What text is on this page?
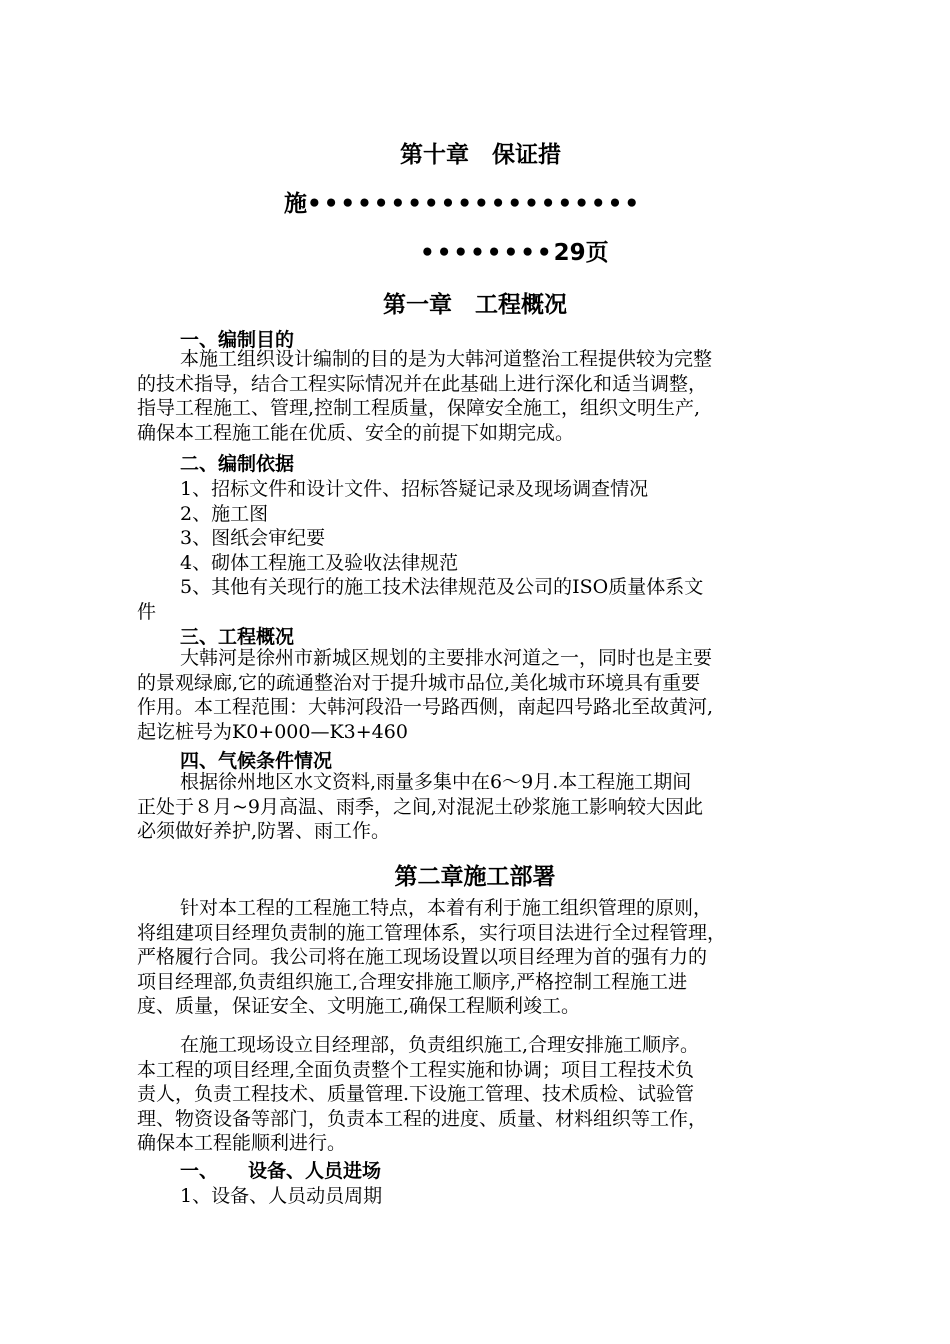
第十章　保证措
施••••••••••••••••••••
••••••••29页
第一章　工程概况
一、编制目的
本施工组织设计编制的目的是为大韩河道整治工程提供较为完整
的技术指导，结合工程实际情况并在此基础上进行深化和适当调整，
指导工程施工、管理,控制工程质量，保障安全施工，组织文明生产,
确保本工程施工能在优质、安全的前提下如期完成。
二、编制依据
1、招标文件和设计文件、招标答疑记录及现场调查情况
2、施工图
3、图纸会审纪要
4、砌体工程施工及验收法律规范
5、其他有关现行的施工技术法律规范及公司的ISO质量体系文
件
三、工程概况
大韩河是徐州市新城区规划的主要排水河道之一，同时也是主要
的景观绿廊,它的疏通整治对于提升城市品位,美化城市环境具有重要
作用。本工程范围：大韩河段沿一号路西侧，南起四号路北至故黄河,
起讫桩号为K0+000—K3+460
四、气候条件情况
根据徐州地区水文资料,雨量多集中在6～9月.本工程施工期间
正处于８月~9月高温、雨季，之间,对混泥土砂浆施工影响较大因此
必须做好养护,防署、雨工作。
第二章施工部署
针对本工程的工程施工特点，本着有利于施工组织管理的原则，
将组建项目经理负责制的施工管理体系，实行项目法进行全过程管理，
严格履行合同。我公司将在施工现场设置以项目经理为首的强有力的
项目经理部,负责组织施工,合理安排施工顺序,严格控制工程施工进
度、质量，保证安全、文明施工,确保工程顺利竣工。
在施工现场设立目经理部，负责组织施工,合理安排施工顺序。
本工程的项目经理,全面负责整个工程实施和协调；项目工程技术负
责人，负责工程技术、质量管理.下设施工管理、技术质检、试验管
理、物资设备等部门，负责本工程的进度、质量、材料组织等工作，
确保本工程能顺利进行。
一、 设备、人员进场
1、设备、人员动员周期
